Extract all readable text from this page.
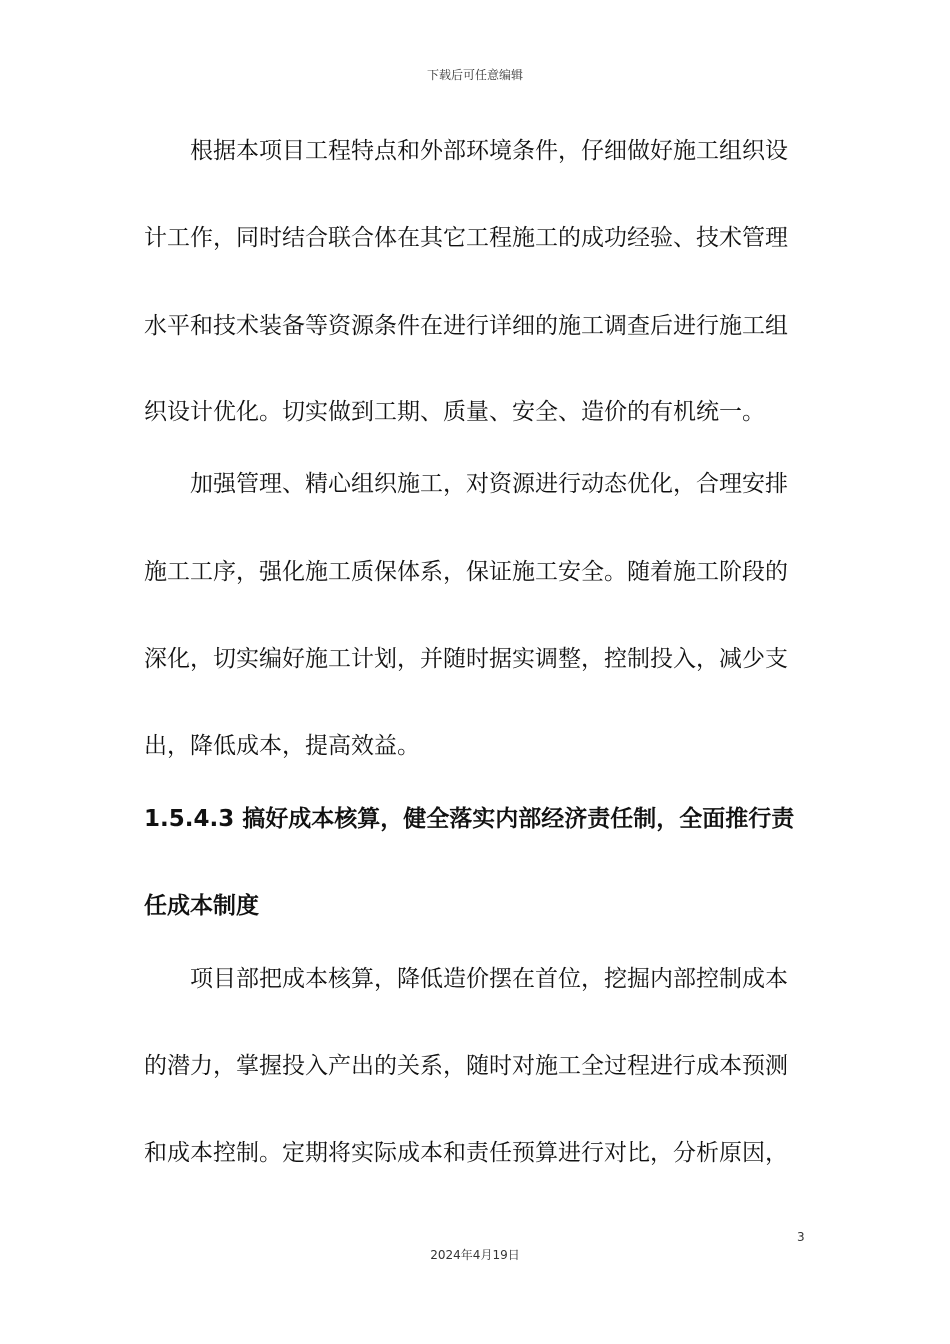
下载后可任意编辑
根据本项目工程特点和外部环境条件，仔细做好施工组织设
计工作，同时结合联合体在其它工程施工的成功经验、技术管理
水平和技术装备等资源条件在进行详细的施工调查后进行施工组
织设计优化。切实做到工期、质量、安全、造价的有机统一。
加强管理、精心组织施工，对资源进行动态优化，合理安排
施工工序，强化施工质保体系，保证施工安全。随着施工阶段的
深化，切实编好施工计划，并随时据实调整，控制投入，减少支
出，降低成本，提高效益。
1.5.4.3 搞好成本核算，健全落实内部经济责任制，全面推行责
任成本制度
项目部把成本核算，降低造价摆在首位，挖掘内部控制成本
的潜力，掌握投入产出的关系，随时对施工全过程进行成本预测
和成本控制。定期将实际成本和责任预算进行对比，分析原因，
3
2024年4月19日
